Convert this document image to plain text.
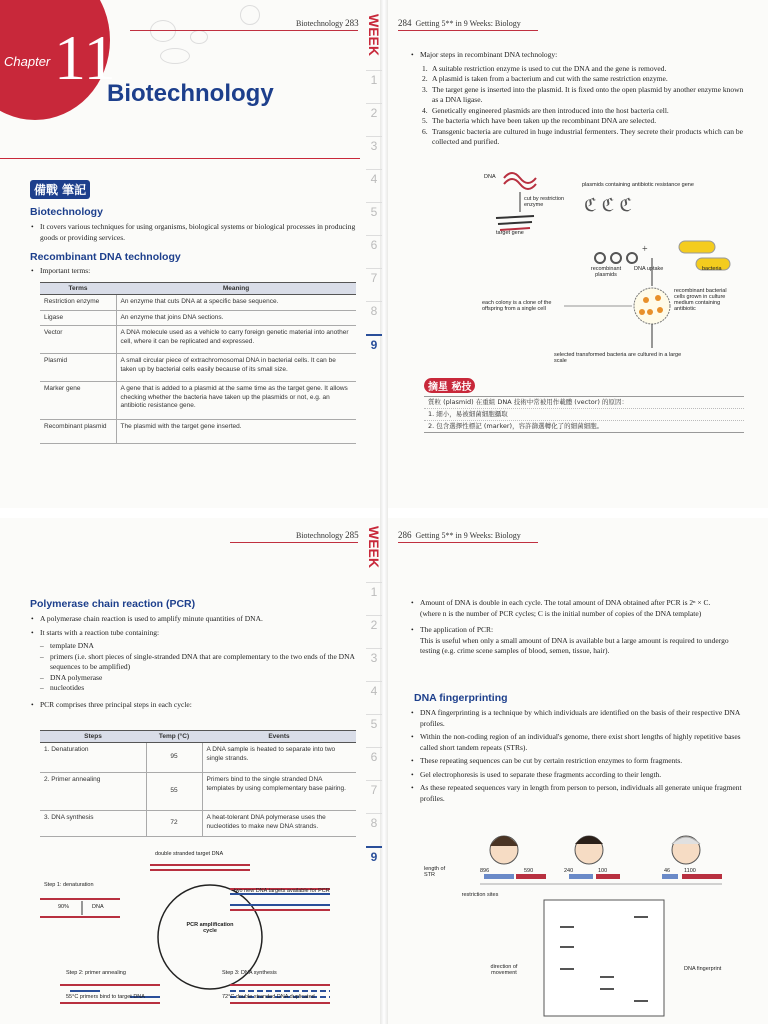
Chapter 11	Biotechnology 283
Biotechnology
備戰 筆記
Biotechnology
• It covers various techniques for using organisms, biological systems or biological processes in producing goods or providing services.
Recombinant DNA technology
• Important terms:
Terms	Meaning
Restriction enzyme	An enzyme that cuts DNA at a specific base sequence.
Ligase	An enzyme that joins DNA sections.
Vector	A DNA molecule used as a vehicle to carry foreign genetic material into another cell, where it can be replicated and expressed.
Plasmid	A small circular piece of extrachromosomal DNA in bacterial cells. It can be taken up by bacterial cells easily because of its small size.
Marker gene	A gene that is added to a plasmid at the same time as the target gene. It allows checking whether the bacteria have taken up the plasmids or not, e.g. an antibiotic resistance gene.
Recombinant plasmid	The plasmid with the target gene inserted.
284 Getting 5** in 9 Weeks: Biology
• Major steps in recombinant DNA technology:
1. A suitable restriction enzyme is used to cut the DNA and the gene is removed.
2. A plasmid is taken from a bacterium and cut with the same restriction enzyme.
3. The target gene is inserted into the plasmid. It is fixed onto the open plasmid by another enzyme known as a DNA ligase.
4. Genetically engineered plasmids are then introduced into the host bacteria cell.
5. The bacteria which have been taken up the recombinant DNA are selected.
6. Transgenic bacteria are cultured in huge industrial fermenters. They secrete their products which can be collected and purified.
ℭ ℭ ℭ
+
DNA
cut by restriction enzyme
plasmids containing antibiotic resistance gene
target gene
recombinant plasmids
DNA uptake	bacteria
each colony is a clone of the offspring from a single cell
recombinant bacterial cells grown in culture medium containing antibiotic
selected transformed bacteria are cultured in a large scale
摘星 秘技
質粒 (plasmid) 在重組 DNA 技術中常被用作載體 (vector) 的原因：
1. 細小，易被細菌細胞攝取
2. 包含選擇性標記 (marker)，容許篩選轉化了的細菌細胞。
Biotechnology 285
Polymerase chain reaction (PCR)
• A polymerase chain reaction is used to amplify minute quantities of DNA.
• It starts with a reaction tube containing:
– template DNA
– primers (i.e. short pieces of single-stranded DNA that are complementary to the two ends of the DNA sequences to be amplified)
– DNA polymerase
– nucleotides
• PCR comprises three principal steps in each cycle:
Steps	Temp (°C)	Events
1. Denaturation	95	A DNA sample is heated to separate into two single strands.
2. Primer annealing	55	Primers bind to the single stranded DNA templates by using complementary base pairing.
3. DNA synthesis	72	A heat-tolerant DNA polymerase uses the nucleotides to make new DNA strands.
double stranded target DNA
Step 1: denaturation
90%	DNA
two new DNA targets available for PCR
PCR amplification cycle
Step 2: primer annealing
55°C primers bind to target DNA
Step 3: DNA synthesis
72°C double stranded DNA duplicated
286 Getting 5** in 9 Weeks: Biology
• Amount of DNA is double in each cycle. The total amount of DNA obtained after PCR is 2ⁿ × C.
(where n is the number of PCR cycles; C is the initial number of copies of the DNA template)
• The application of PCR:
This is useful when only a small amount of DNA is available but a large amount is required to undergo testing (e.g. crime scene samples of blood, semen, tissue, hair).
DNA fingerprinting
• DNA fingerprinting is a technique by which individuals are identified on the basis of their respective DNA profiles.
• Within the non-coding region of an individual's genome, there exist short lengths of highly repetitive bases called short tandem repeats (STRs).
• These repeating sequences can be cut by certain restriction enzymes to form fragments.
• Gel electrophoresis is used to separate these fragments according to their length.
• As these repeated sequences vary in length from person to person, individuals all generate unique fragment profiles.
length of STR
896	590	240	100	46	1100
restriction sites
direction of movement
DNA fingerprint
WEEK
1
2
3
4
5
6
7
8
9
WEEK
1
2
3
4
5
6
7
8
9
